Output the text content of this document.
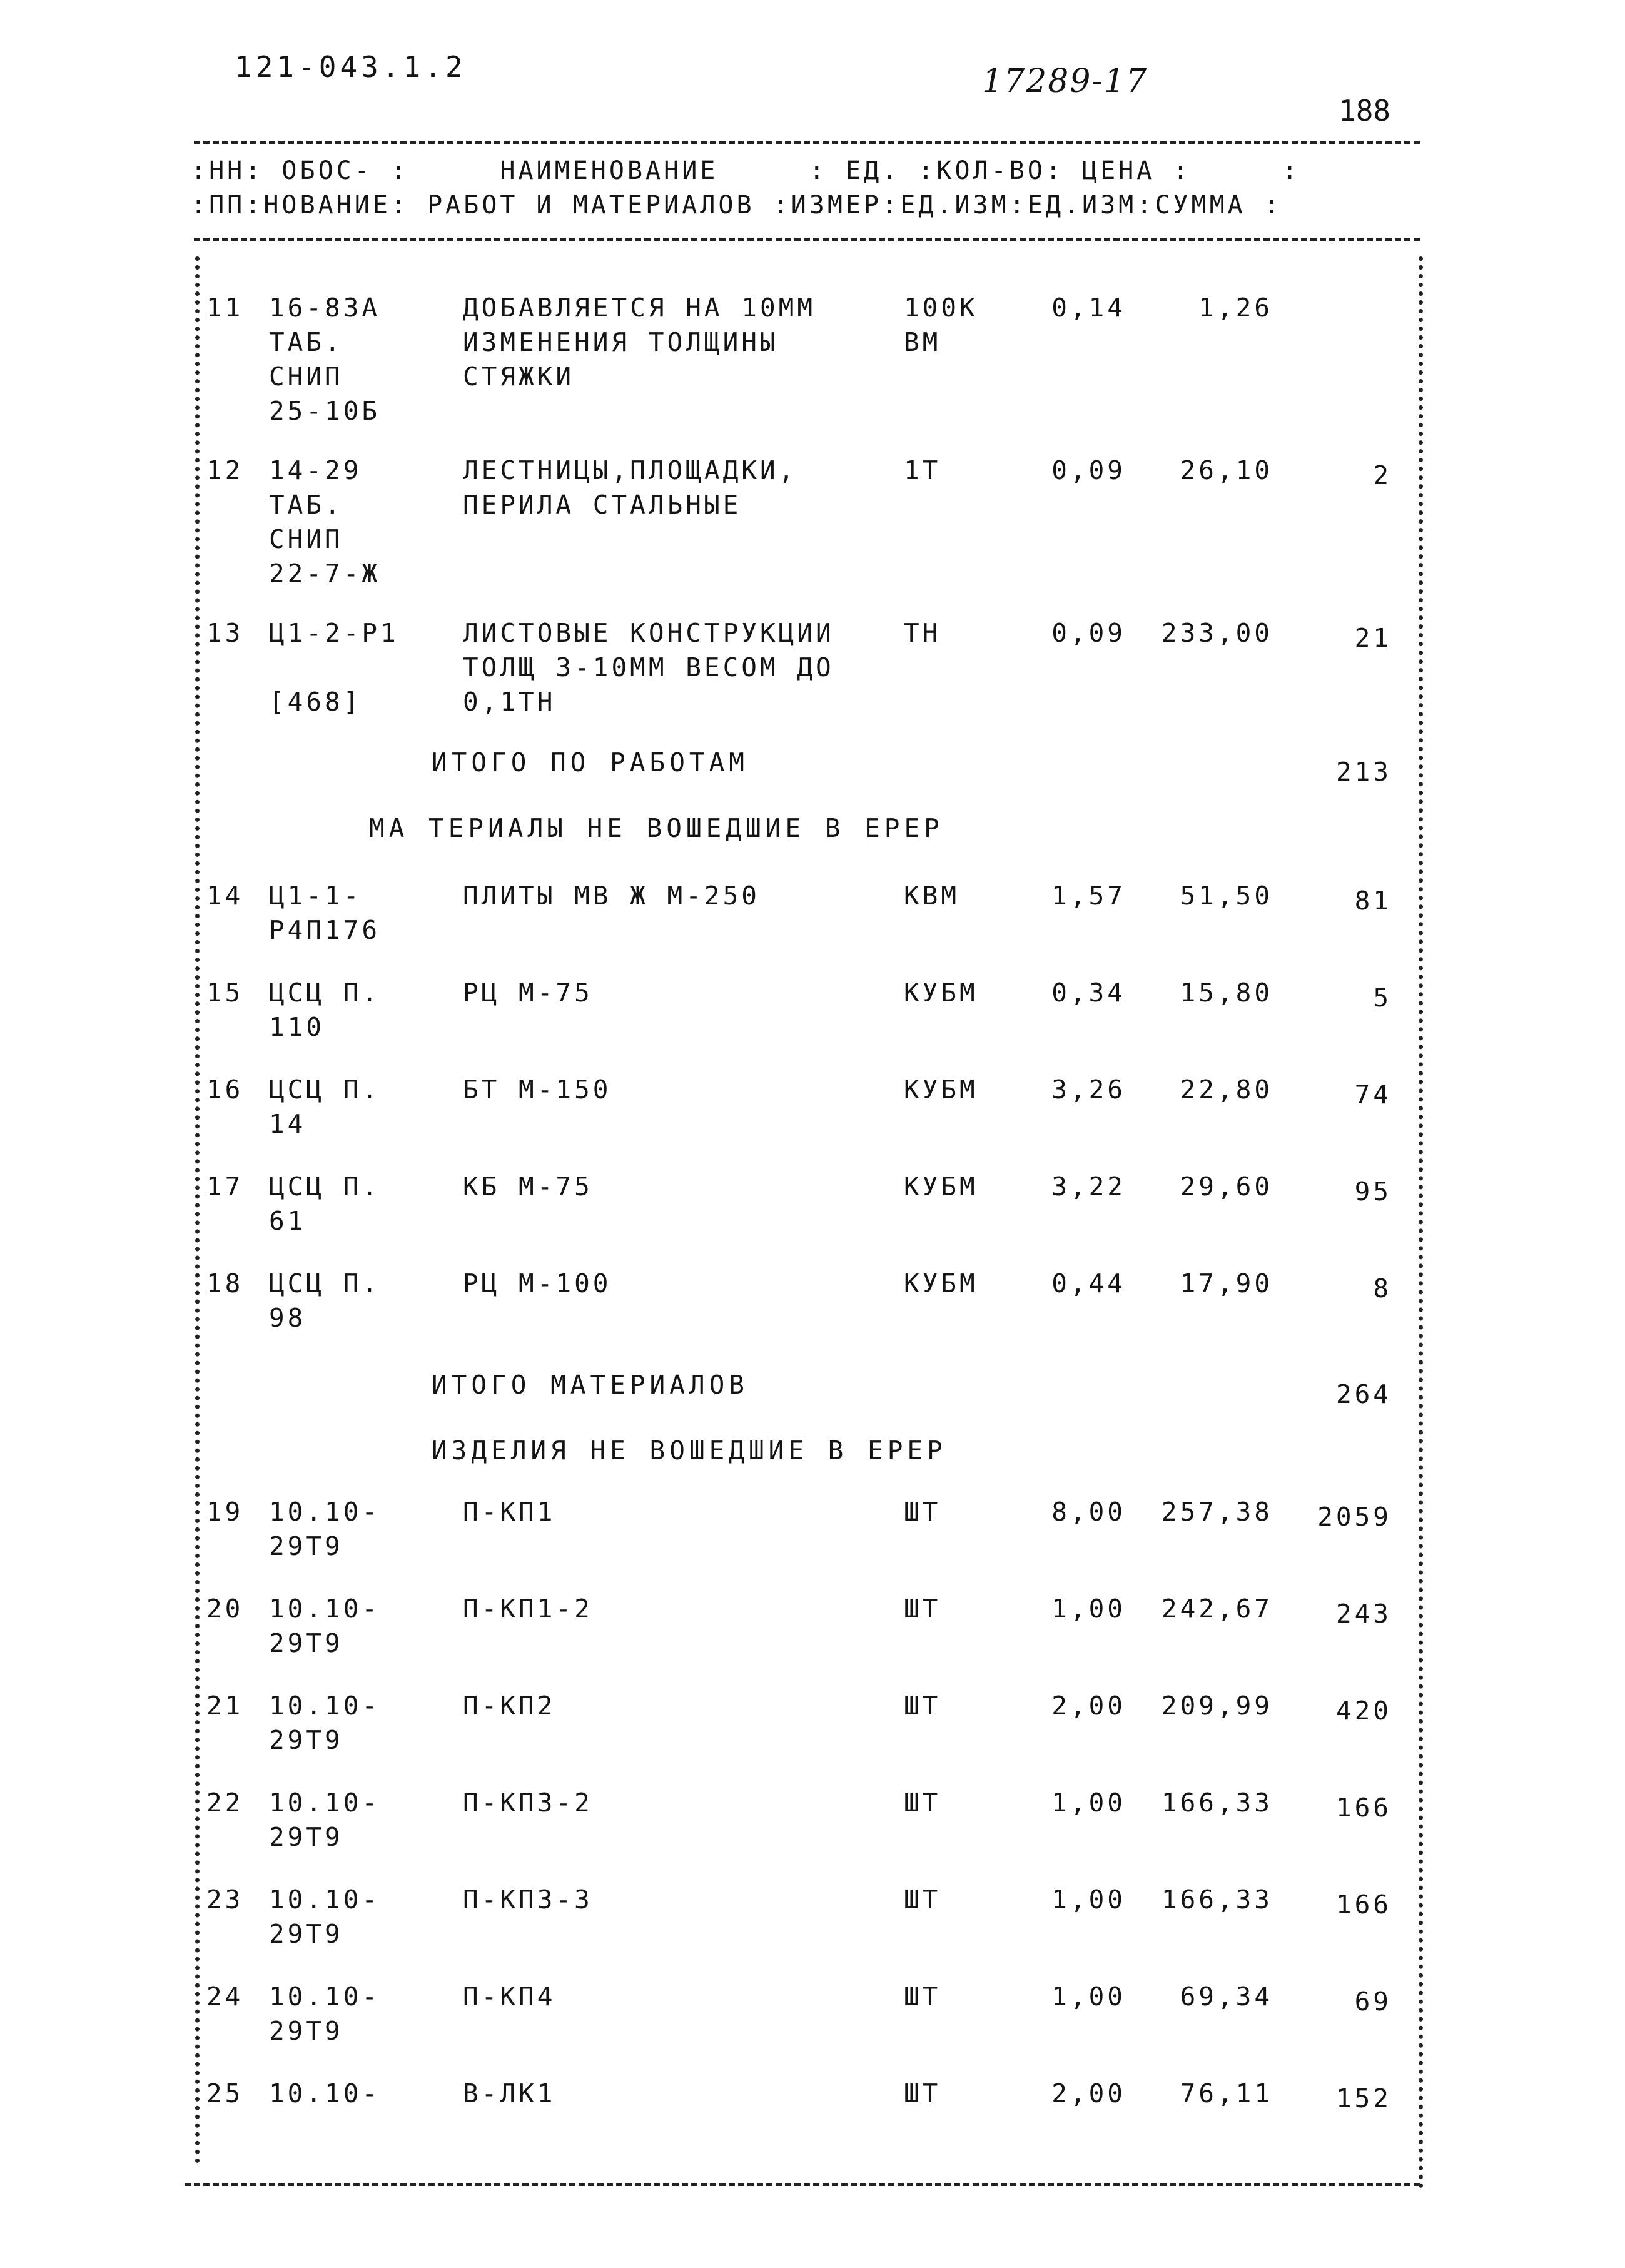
121-043.1.2	17289-17
188
:НН: ОБОС- :     НАИМЕНОВАНИЕ     : ЕД. :КОЛ-ВО: ЦЕНА :     :
:ПП:НОВАНИЕ: РАБОТ И МАТЕРИАЛОВ :ИЗМЕР:ЕД.ИЗМ:ЕД.ИЗМ:СУММА :
11 16-83А
ТАБ.
СНИП
25-10Б
ДОБАВЛЯЕТСЯ НА 10ММ
ИЗМЕНЕНИЯ ТОЛЩИНЫ
СТЯЖКИ
100К
ВМ
0,14	1,26
12 14-29
ТАБ.
СНИП
22-7-Ж
ЛЕСТНИЦЫ,ПЛОЩАДКИ,
ПЕРИЛА СТАЛЬНЫЕ
1Т	0,09	26,10	2
13 Ц1-2-Р1
[468]
ЛИСТОВЫЕ КОНСТРУКЦИИ
ТОЛЩ 3-10ММ ВЕСОМ ДО
0,1ТН
ТН	0,09	233,00	21
ИТОГО ПО РАБОТАМ	213
МА ТЕРИАЛЫ НЕ ВОШЕДШИЕ В ЕРЕР
14 Ц1-1-
Р4П176
ПЛИТЫ МВ Ж М-250	КВМ	1,57	51,50	81
15 ЦСЦ П.
110
РЦ М-75	КУБМ	0,34	15,80	5
16 ЦСЦ П.
14
БТ М-150	КУБМ	3,26	22,80	74
17 ЦСЦ П.
61
КБ М-75	КУБМ	3,22	29,60	95
18 ЦСЦ П.
98
РЦ М-100	КУБМ	0,44	17,90	8
ИТОГО МАТЕРИАЛОВ	264
ИЗДЕЛИЯ НЕ ВОШЕДШИЕ В ЕРЕР
19 10.10-
29Т9
П-КП1	ШТ	8,00	257,38	2059
20 10.10-
29Т9
П-КП1-2	ШТ	1,00	242,67	243
21 10.10-
29Т9
П-КП2	ШТ	2,00	209,99	420
22 10.10-
29Т9
П-КП3-2	ШТ	1,00	166,33	166
23 10.10-
29Т9
П-КП3-3	ШТ	1,00	166,33	166
24 10.10-
29Т9
П-КП4	ШТ	1,00	69,34	69
25 10.10-	В-ЛК1	ШТ	2,00	76,11	152
